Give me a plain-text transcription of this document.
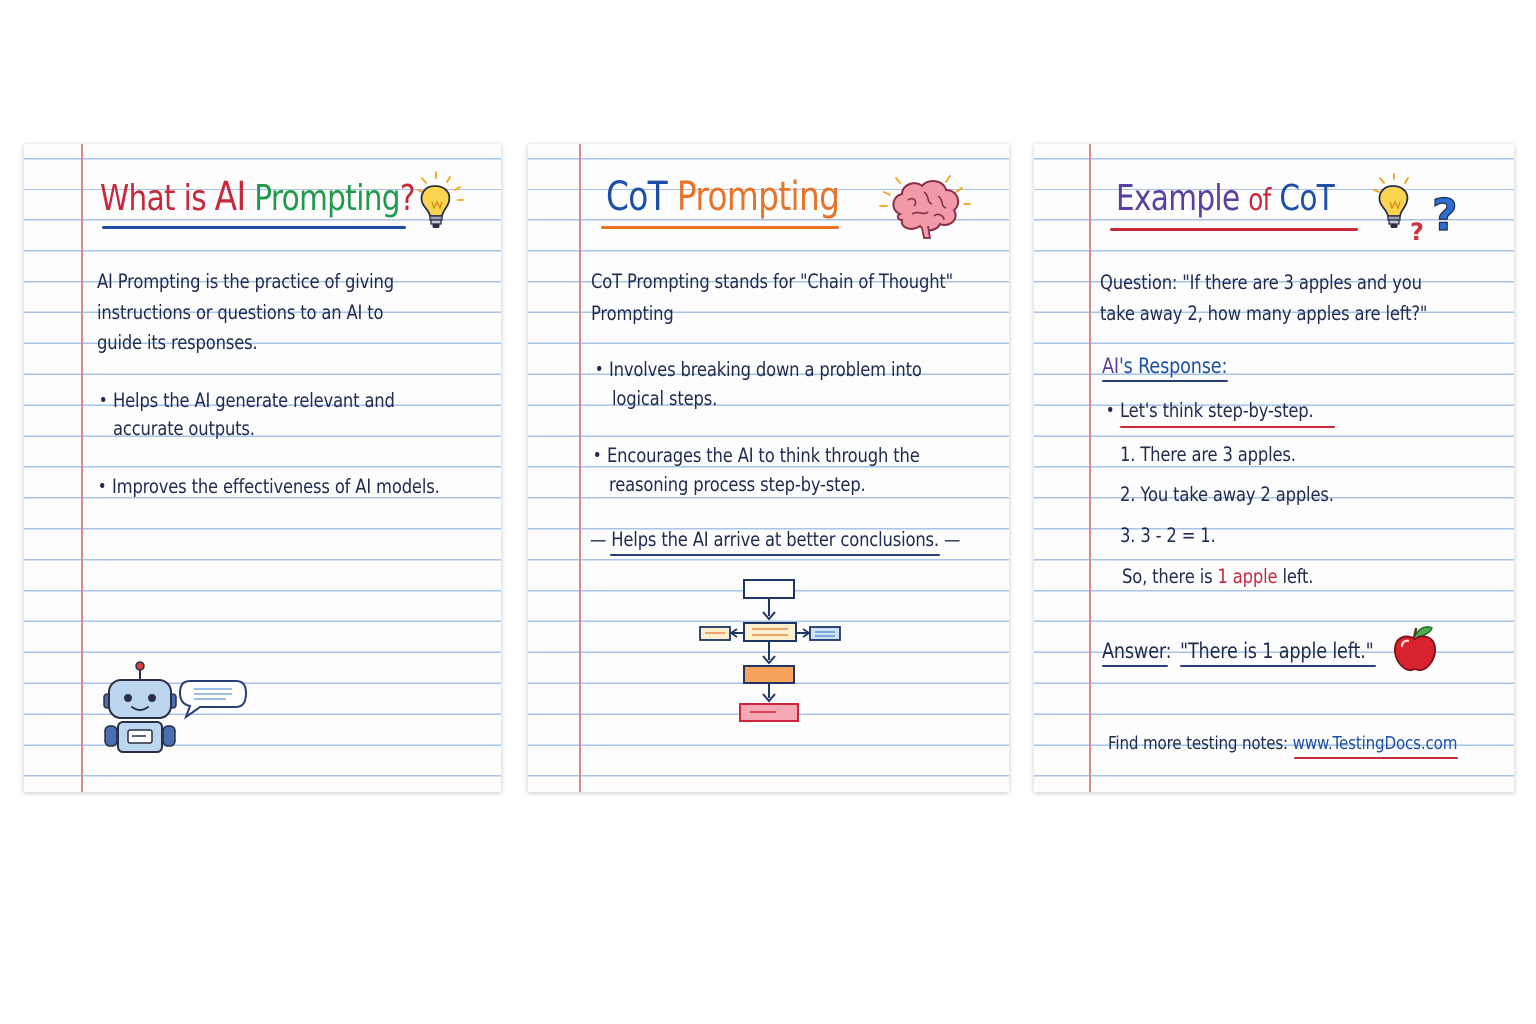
What is AI Prompting?
AI Prompting is the practice of giving
instructions or questions to an AI to
guide its responses.
• Helps the AI generate relevant and
accurate outputs.
• Improves the effectiveness of AI models.
CoT Prompting
CoT Prompting stands for "Chain of Thought"
Prompting
• Involves breaking down a problem into
logical steps.
• Encourages the AI to think through the
reasoning process step-by-step.
— Helps the AI arrive at better conclusions. —
Example of CoT ?
?
Question: "If there are 3 apples and you
take away 2, how many apples are left?"
AI's Response:
• Let's think step-by-step.
1. There are 3 apples.
2. You take away 2 apples.
3. 3 - 2 = 1.
So, there is 1 apple left.
Answer: "There is 1 apple left."
Find more testing notes: www.TestingDocs.com
